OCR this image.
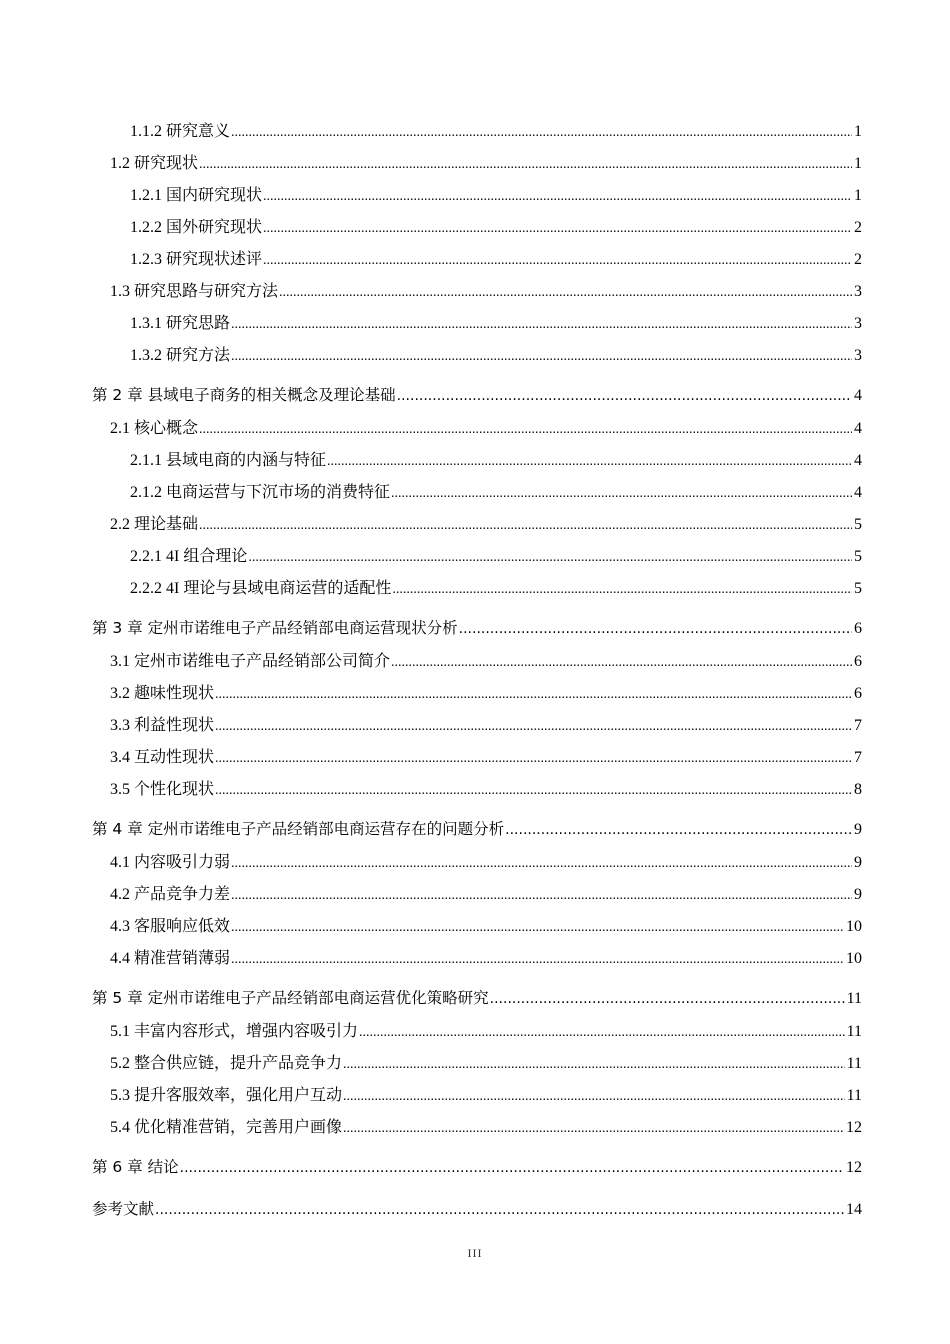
1.1.2 研究意义 .....	1
1.2 研究现状 .....	1
1.2.1 国内研究现状 .....	1
1.2.2 国外研究现状 .....	2
1.2.3 研究现状述评 .....	2
1.3 研究思路与研究方法 .....	3
1.3.1 研究思路 .....	3
1.3.2 研究方法 .....	3
第 2 章 县域电子商务的相关概念及理论基础 .....	4
2.1 核心概念 .....	4
2.1.1 县域电商的内涵与特征 .....	4
2.1.2 电商运营与下沉市场的消费特征 .....	4
2.2 理论基础 .....	5
2.2.1 4I 组合理论 .....	5
2.2.2 4I 理论与县域电商运营的适配性 .....	5
第 3 章 定州市诺维电子产品经销部电商运营现状分析 .....	6
3.1 定州市诺维电子产品经销部公司简介 .....	6
3.2 趣味性现状 .....	6
3.3 利益性现状 .....	7
3.4 互动性现状 .....	7
3.5 个性化现状 .....	8
第 4 章 定州市诺维电子产品经销部电商运营存在的问题分析 .....	9
4.1 内容吸引力弱 .....	9
4.2 产品竞争力差 .....	9
4.3 客服响应低效 .....	10
4.4 精准营销薄弱 .....	10
第 5 章 定州市诺维电子产品经销部电商运营优化策略研究 .....	11
5.1 丰富内容形式，增强内容吸引力 .....	11
5.2 整合供应链，提升产品竞争力 .....	11
5.3 提升客服效率，强化用户互动 .....	11
5.4 优化精准营销，完善用户画像 .....	12
第 6 章 结论 .....	12
参考文献 .....	14
III
